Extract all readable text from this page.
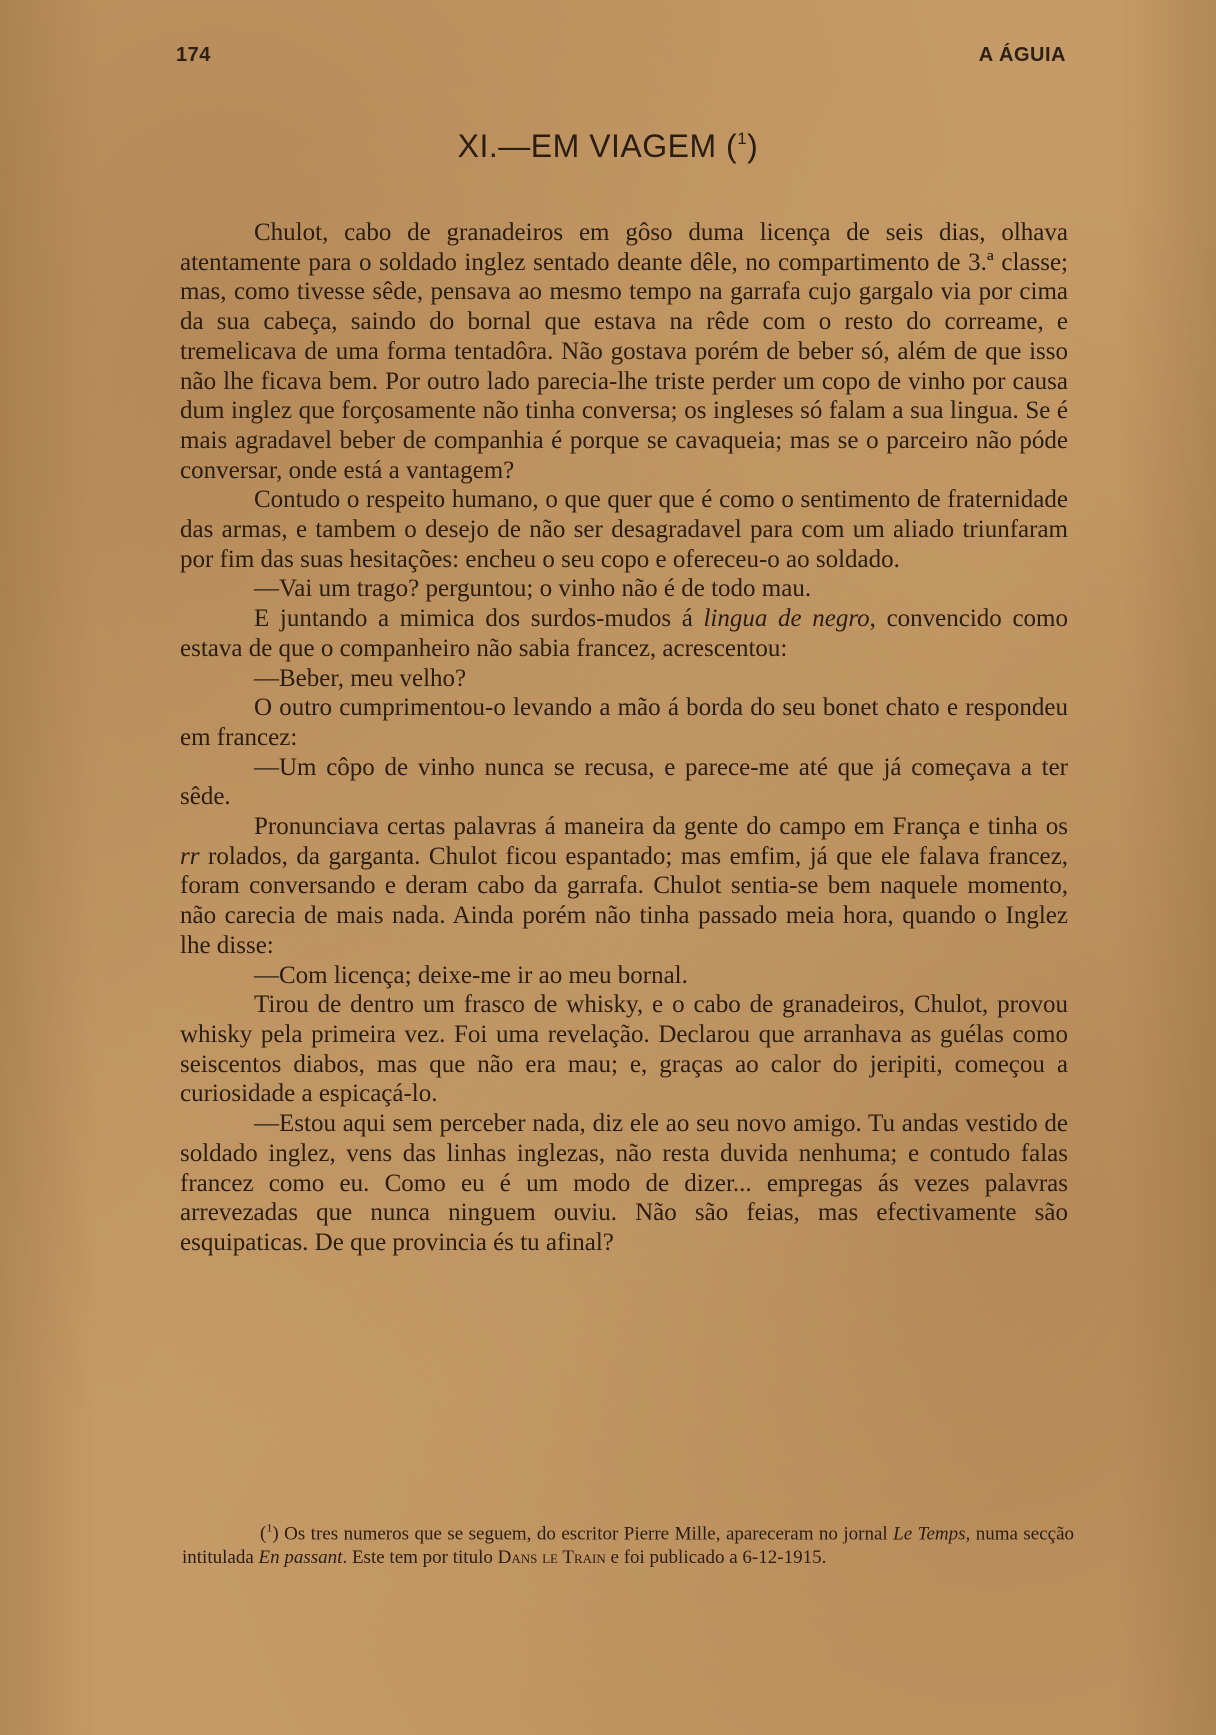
174	A ÁGUIA
XI.—EM VIAGEM ($^1$)

Chulot, cabo de granadeiros em gôso duma licença de seis dias, olhava atentamente para o soldado inglez sentado deante dêle, no compartimento de 3.ª classe; mas, como tivesse sêde, pensava ao mesmo tempo na garrafa cujo gargalo via por cima da sua cabeça, saindo do bornal que estava na rêde com o resto do correame, e tremelicava de uma forma tentadôra. Não gostava porém de beber só, além de que isso não lhe ficava bem. Por outro lado parecia-lhe triste perder um copo de vinho por causa dum inglez que forçosamente não tinha conversa; os ingleses só falam a sua lingua. Se é mais agradavel beber de companhia é porque se cavaqueia; mas se o parceiro não póde conversar, onde está a vantagem?

Contudo o respeito humano, o que quer que é como o sentimento de fraternidade das armas, e tambem o desejo de não ser desagradavel para com um aliado triunfaram por fim das suas hesitações: encheu o seu copo e ofereceu-o ao soldado.

—Vai um trago? perguntou; o vinho não é de todo mau.

E juntando a mimica dos surdos-mudos á lingua de negro, convencido como estava de que o companheiro não sabia francez, acrescentou:

—Beber, meu velho?

O outro cumprimentou-o levando a mão á borda do seu bonet chato e respondeu em francez:

—Um côpo de vinho nunca se recusa, e parece-me até que já começava a ter sêde.

Pronunciava certas palavras á maneira da gente do campo em França e tinha os rr rolados, da garganta. Chulot ficou espantado; mas emfim, já que ele falava francez, foram conversando e deram cabo da garrafa. Chulot sentia-se bem naquele momento, não carecia de mais nada. Ainda porém não tinha passado meia hora, quando o Inglez lhe disse:

—Com licença; deixe-me ir ao meu bornal.

Tirou de dentro um frasco de whisky, e o cabo de granadeiros, Chulot, provou whisky pela primeira vez. Foi uma revelação. Declarou que arranhava as guélas como seiscentos diabos, mas que não era mau; e, graças ao calor do jeripiti, começou a curiosidade a espicaçá-lo.

—Estou aqui sem perceber nada, diz ele ao seu novo amigo. Tu andas vestido de soldado inglez, vens das linhas inglezas, não resta duvida nenhuma; e contudo falas francez como eu. Como eu é um modo de dizer... empregas ás vezes palavras arrevezadas que nunca ninguem ouviu. Não são feias, mas efectivamente são esquipaticas. De que provincia és tu afinal?

($^1$) Os tres numeros que se seguem, do escritor Pierre Mille, apareceram no jornal Le Temps, numa secção intitulada En passant. Este tem por titulo Dans le Train e foi publicado a 6-12-1915.
